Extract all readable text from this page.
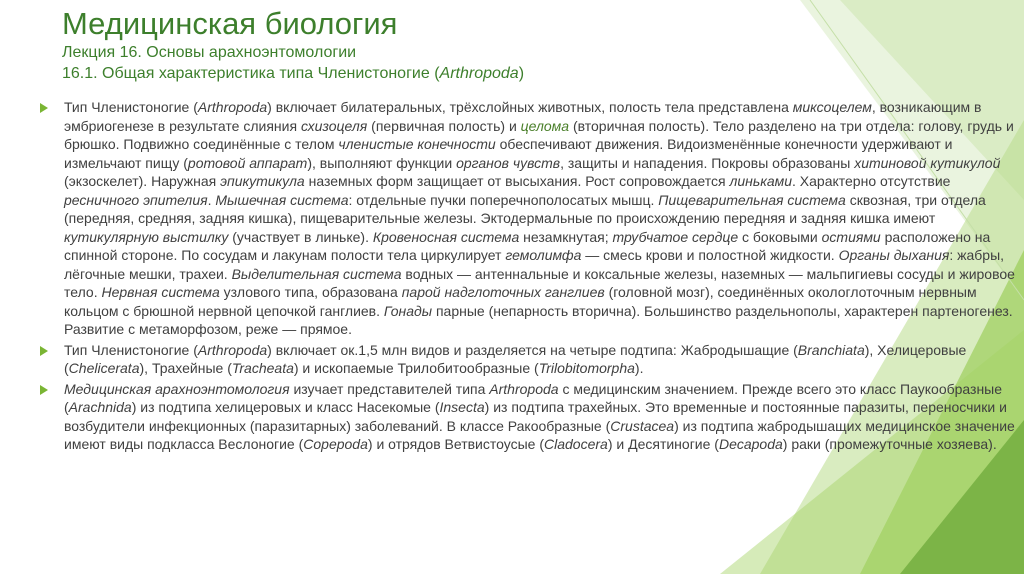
Медицинская биология
Лекция 16. Основы арахноэнтомологии
16.1. Общая характеристика типа Членистоногие (Arthropoda)

Тип Членистоногие (Arthropoda) включает билатеральных, трёхслойных животных, полость тела представлена миксоцелем, возникающим в эмбриогенезе в результате слияния схизоцеля (первичная полость) и целома (вторичная полость). Тело разделено на три отдела: голову, грудь и брюшко. Подвижно соединённые с телом членистые конечности обеспечивают движения. Видоизменённые конечности удерживают и измельчают пищу (ротовой аппарат), выполняют функции органов чувств, защиты и нападения. Покровы образованы хитиновой кутикулой (экзоскелет). Наружная эпикутикула наземных форм защищает от высыхания. Рост сопровождается линьками. Характерно отсутствие ресничного эпителия. Мышечная система: отдельные пучки поперечнополосатых мышц. Пищеварительная система сквозная, три отдела (передняя, средняя, задняя кишка), пищеварительные железы. Эктодермальные по происхождению передняя и задняя кишка имеют кутикулярную выстилку (участвует в линьке). Кровеносная система незамкнутая; трубчатое сердце с боковыми остиями расположено на спинной стороне. По сосудам и лакунам полости тела циркулирует гемолимфа — смесь крови и полостной жидкости. Органы дыхания: жабры, лёгочные мешки, трахеи. Выделительная система водных — антеннальные и коксальные железы, наземных — мальпигиевы сосуды и жировое тело. Нервная система узлового типа, образована парой надглоточных ганглиев (головной мозг), соединённых окологлоточным нервным кольцом с брюшной нервной цепочкой ганглиев. Гонады парные (непарность вторична). Большинство раздельнополы, характерен партеногенез. Развитие с метаморфозом, реже — прямое.

Тип Членистоногие (Arthropoda) включает ок.1,5 млн видов и разделяется на четыре подтипа: Жабродышащие (Branchiata), Хелицеровые (Chelicerata), Трахейные (Tracheata) и ископаемые Трилобитообразные (Trilobitomorpha).

Медицинская арахноэнтомология изучает представителей типа Arthropoda с медицинским значением. Прежде всего это класс Паукообразные (Arachnida) из подтипа хелицеровых и класс Насекомые (Insecta) из подтипа трахейных. Это временные и постоянные паразиты, переносчики и возбудители инфекционных (паразитарных) заболеваний. В классе Ракообразные (Crustacea) из подтипа жабродышащих медицинское значение имеют виды подкласса Веслоногие (Copepoda) и отрядов Ветвистоусые (Cladocera) и Десятиногие (Decapoda) раки (промежуточные хозяева).
